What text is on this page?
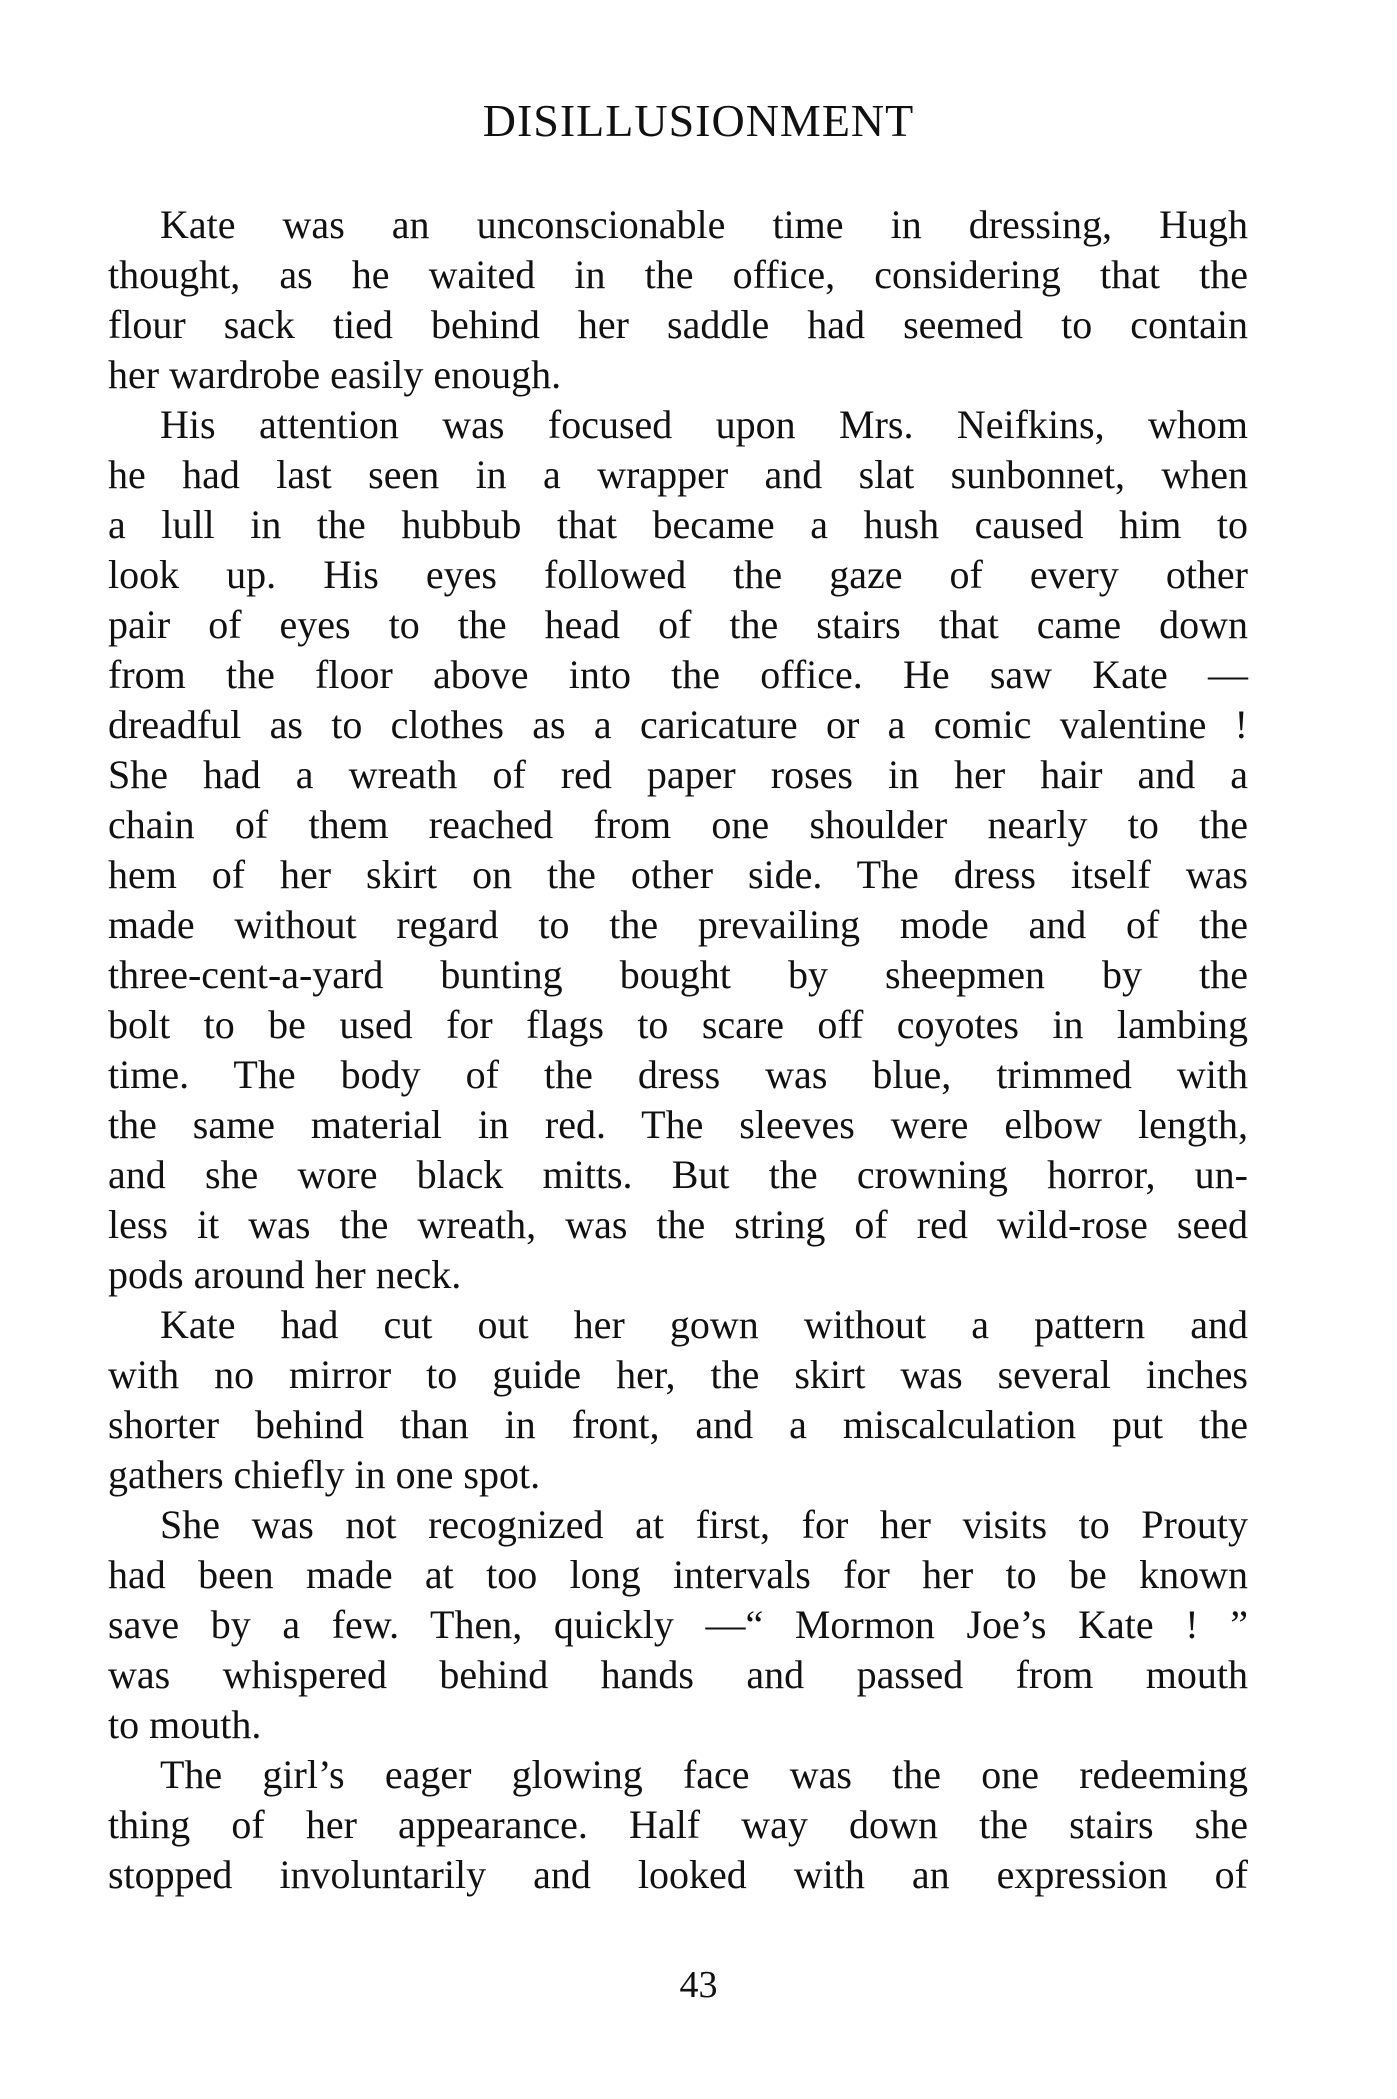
DISILLUSIONMENT

Kate was an unconscionable time in dressing, Hugh
thought, as he waited in the office, considering that the
flour sack tied behind her saddle had seemed to contain
her wardrobe easily enough.

His attention was focused upon Mrs. Neifkins, whom
he had last seen in a wrapper and slat sunbonnet, when
a lull in the hubbub that became a hush caused him to
look up. His eyes followed the gaze of every other
pair of eyes to the head of the stairs that came down
from the floor above into the office. He saw Kate —
dreadful as to clothes as a caricature or a comic valentine !
She had a wreath of red paper roses in her hair and a
chain of them reached from one shoulder nearly to the
hem of her skirt on the other side. The dress itself was
made without regard to the prevailing mode and of the
three-cent-a-yard bunting bought by sheepmen by the
bolt to be used for flags to scare off coyotes in lambing
time. The body of the dress was blue, trimmed with
the same material in red. The sleeves were elbow length,
and she wore black mitts. But the crowning horror, un-
less it was the wreath, was the string of red wild-rose seed
pods around her neck.

Kate had cut out her gown without a pattern and
with no mirror to guide her, the skirt was several inches
shorter behind than in front, and a miscalculation put the
gathers chiefly in one spot.

She was not recognized at first, for her visits to Prouty
had been made at too long intervals for her to be known
save by a few. Then, quickly —“ Mormon Joe’s Kate ! ”
was whispered behind hands and passed from mouth
to mouth.

The girl’s eager glowing face was the one redeeming
thing of her appearance. Half way down the stairs she
stopped involuntarily and looked with an expression of

43
